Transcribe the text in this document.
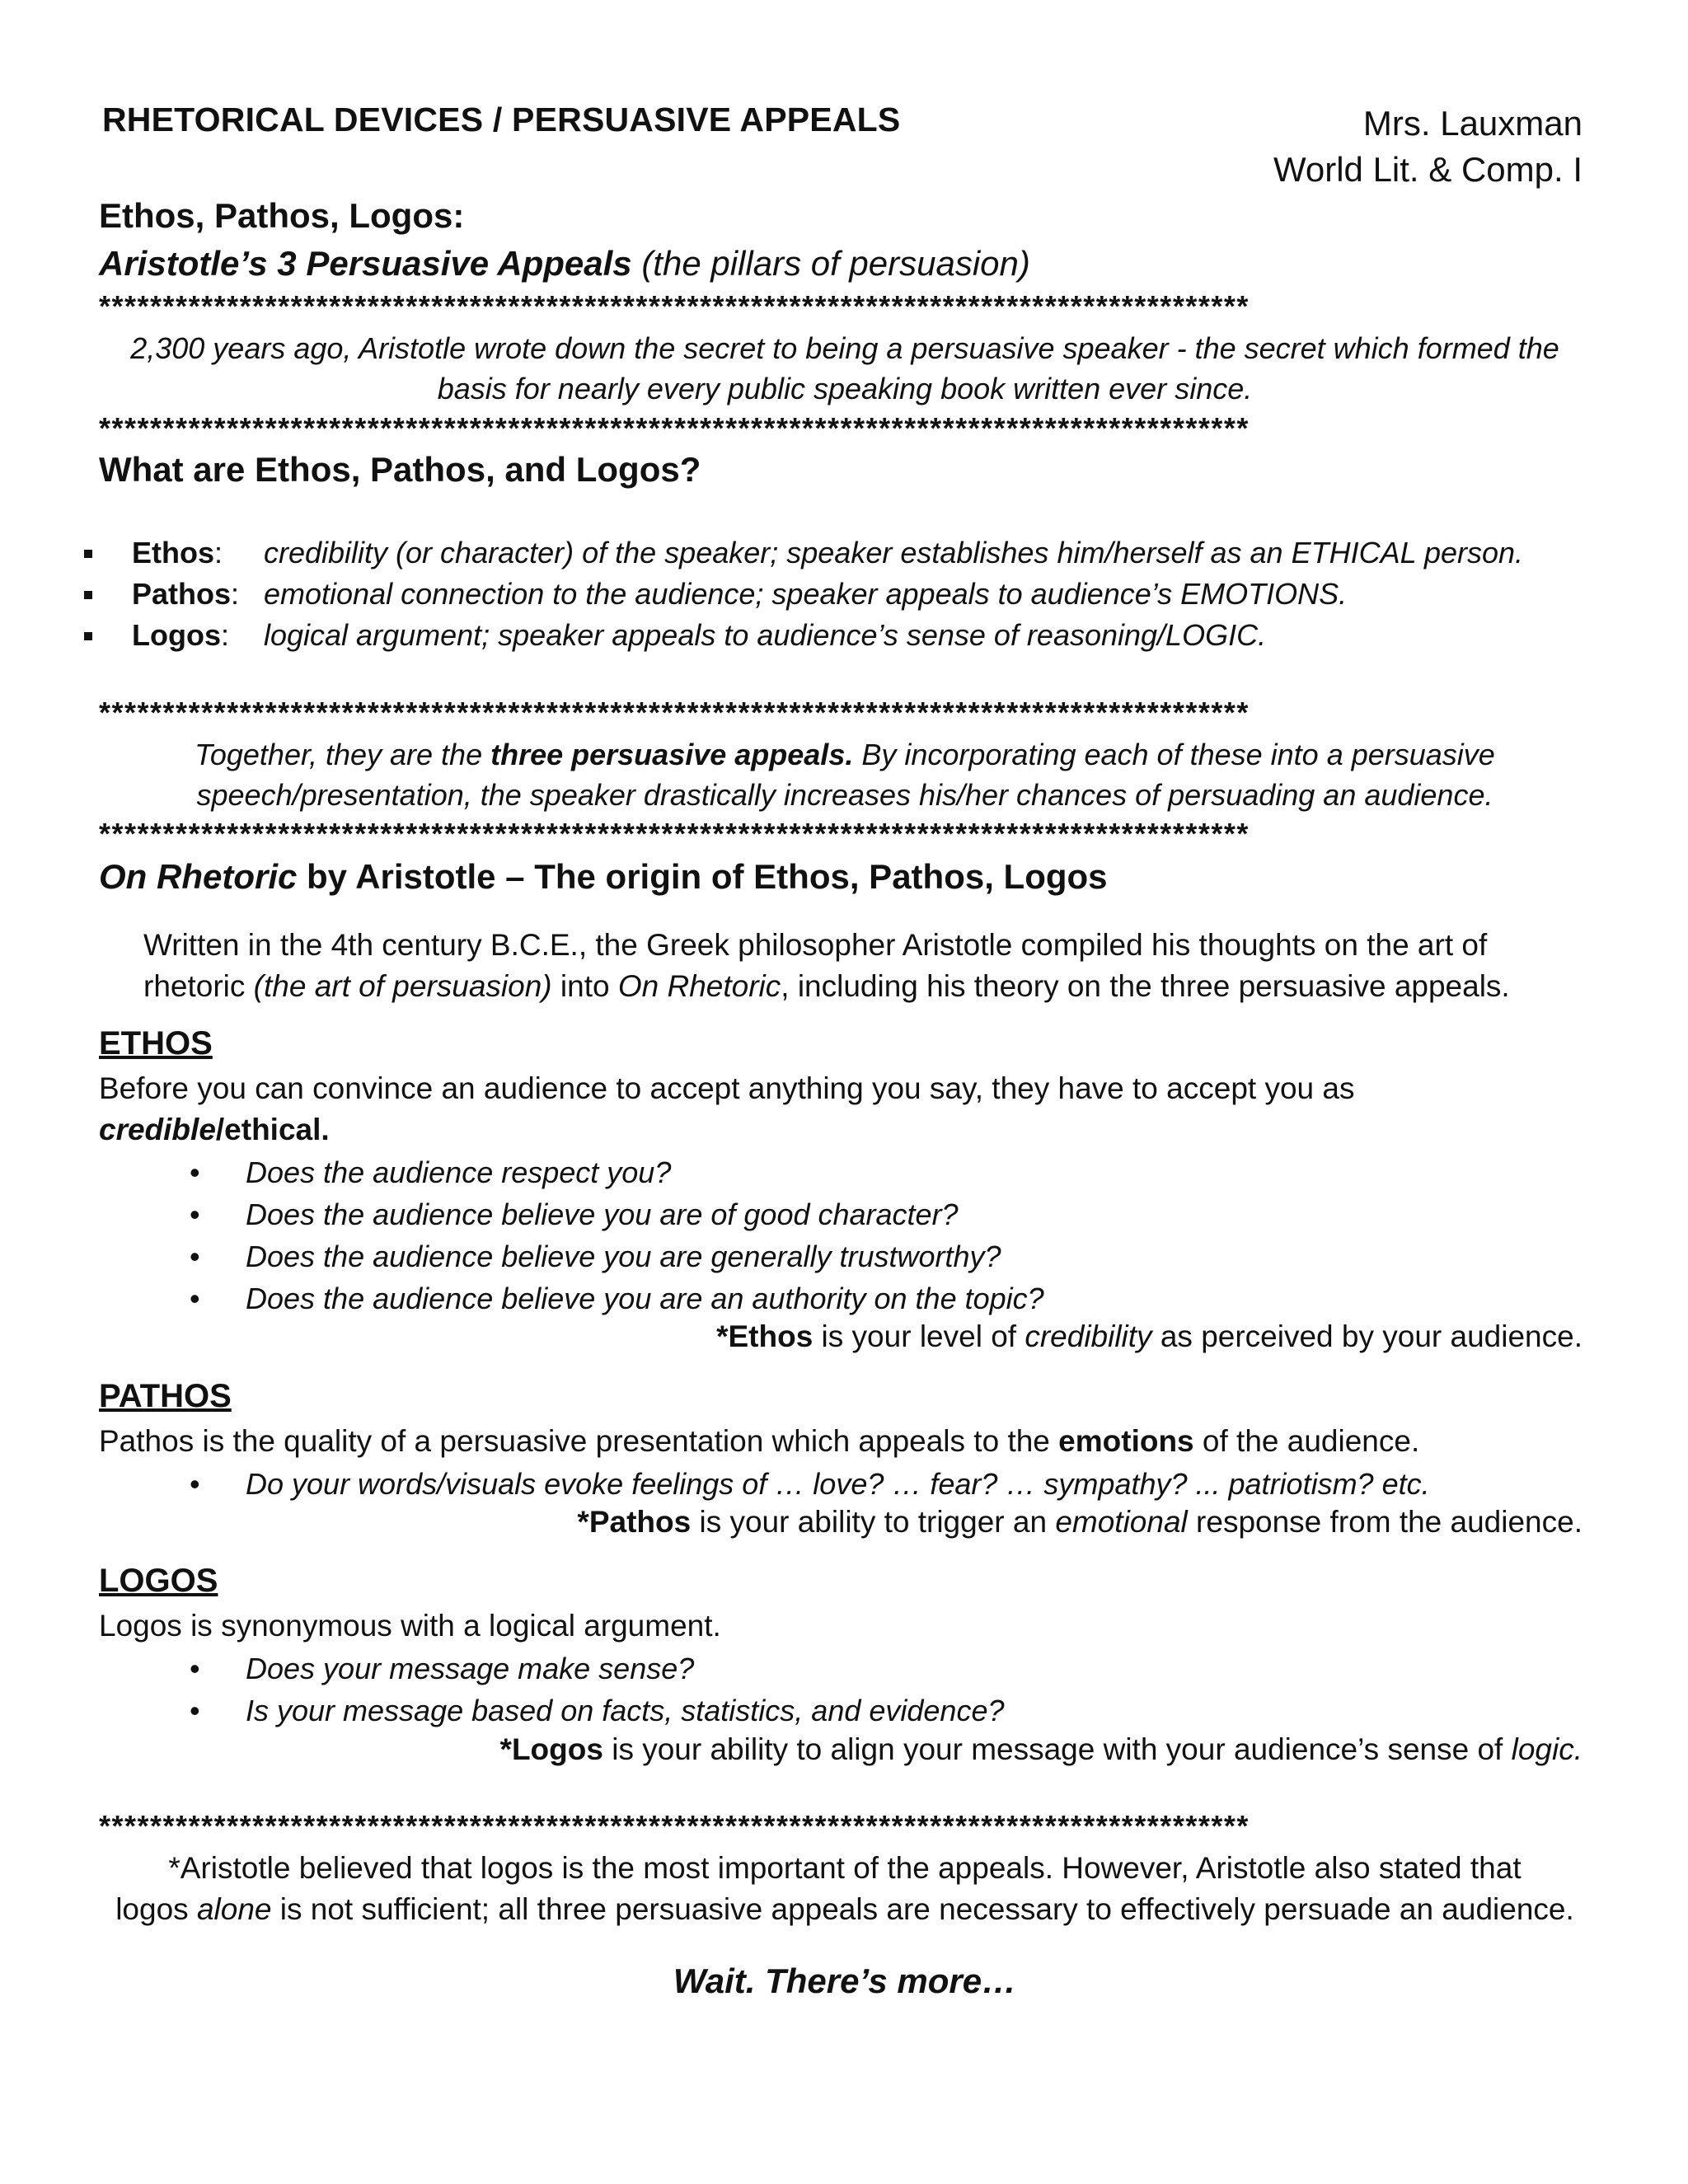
RHETORICAL DEVICES / PERSUASIVE APPEALS	Mrs. Lauxman
World Lit. & Comp. I
Ethos, Pathos, Logos:
Aristotle’s 3 Persuasive Appeals (the pillars of persuasion)
******************************************************************************************
2,300 years ago, Aristotle wrote down the secret to being a persuasive speaker - the secret which formed the
basis for nearly every public speaking book written ever since.
******************************************************************************************
What are Ethos, Pathos, and Logos?
Ethos: credibility (or character) of the speaker; speaker establishes him/herself as an ETHICAL person.
Pathos: emotional connection to the audience; speaker appeals to audience’s EMOTIONS.
Logos: logical argument; speaker appeals to audience’s sense of reasoning/LOGIC.
******************************************************************************************
Together, they are the three persuasive appeals. By incorporating each of these into a persuasive
speech/presentation, the speaker drastically increases his/her chances of persuading an audience.
******************************************************************************************
On Rhetoric by Aristotle – The origin of Ethos, Pathos, Logos
Written in the 4th century B.C.E., the Greek philosopher Aristotle compiled his thoughts on the art of
rhetoric (the art of persuasion) into On Rhetoric, including his theory on the three persuasive appeals.
ETHOS
Before you can convince an audience to accept anything you say, they have to accept you as
credible/ethical.
• Does the audience respect you?
• Does the audience believe you are of good character?
• Does the audience believe you are generally trustworthy?
• Does the audience believe you are an authority on the topic?
*Ethos is your level of credibility as perceived by your audience.
PATHOS
Pathos is the quality of a persuasive presentation which appeals to the emotions of the audience.
• Do your words/visuals evoke feelings of … love? … fear? … sympathy? ... patriotism? etc.
*Pathos is your ability to trigger an emotional response from the audience.
LOGOS
Logos is synonymous with a logical argument.
• Does your message make sense?
• Is your message based on facts, statistics, and evidence?
*Logos is your ability to align your message with your audience’s sense of logic.
******************************************************************************************
*Aristotle believed that logos is the most important of the appeals. However, Aristotle also stated that
logos alone is not sufficient; all three persuasive appeals are necessary to effectively persuade an audience.
Wait. There’s more…
